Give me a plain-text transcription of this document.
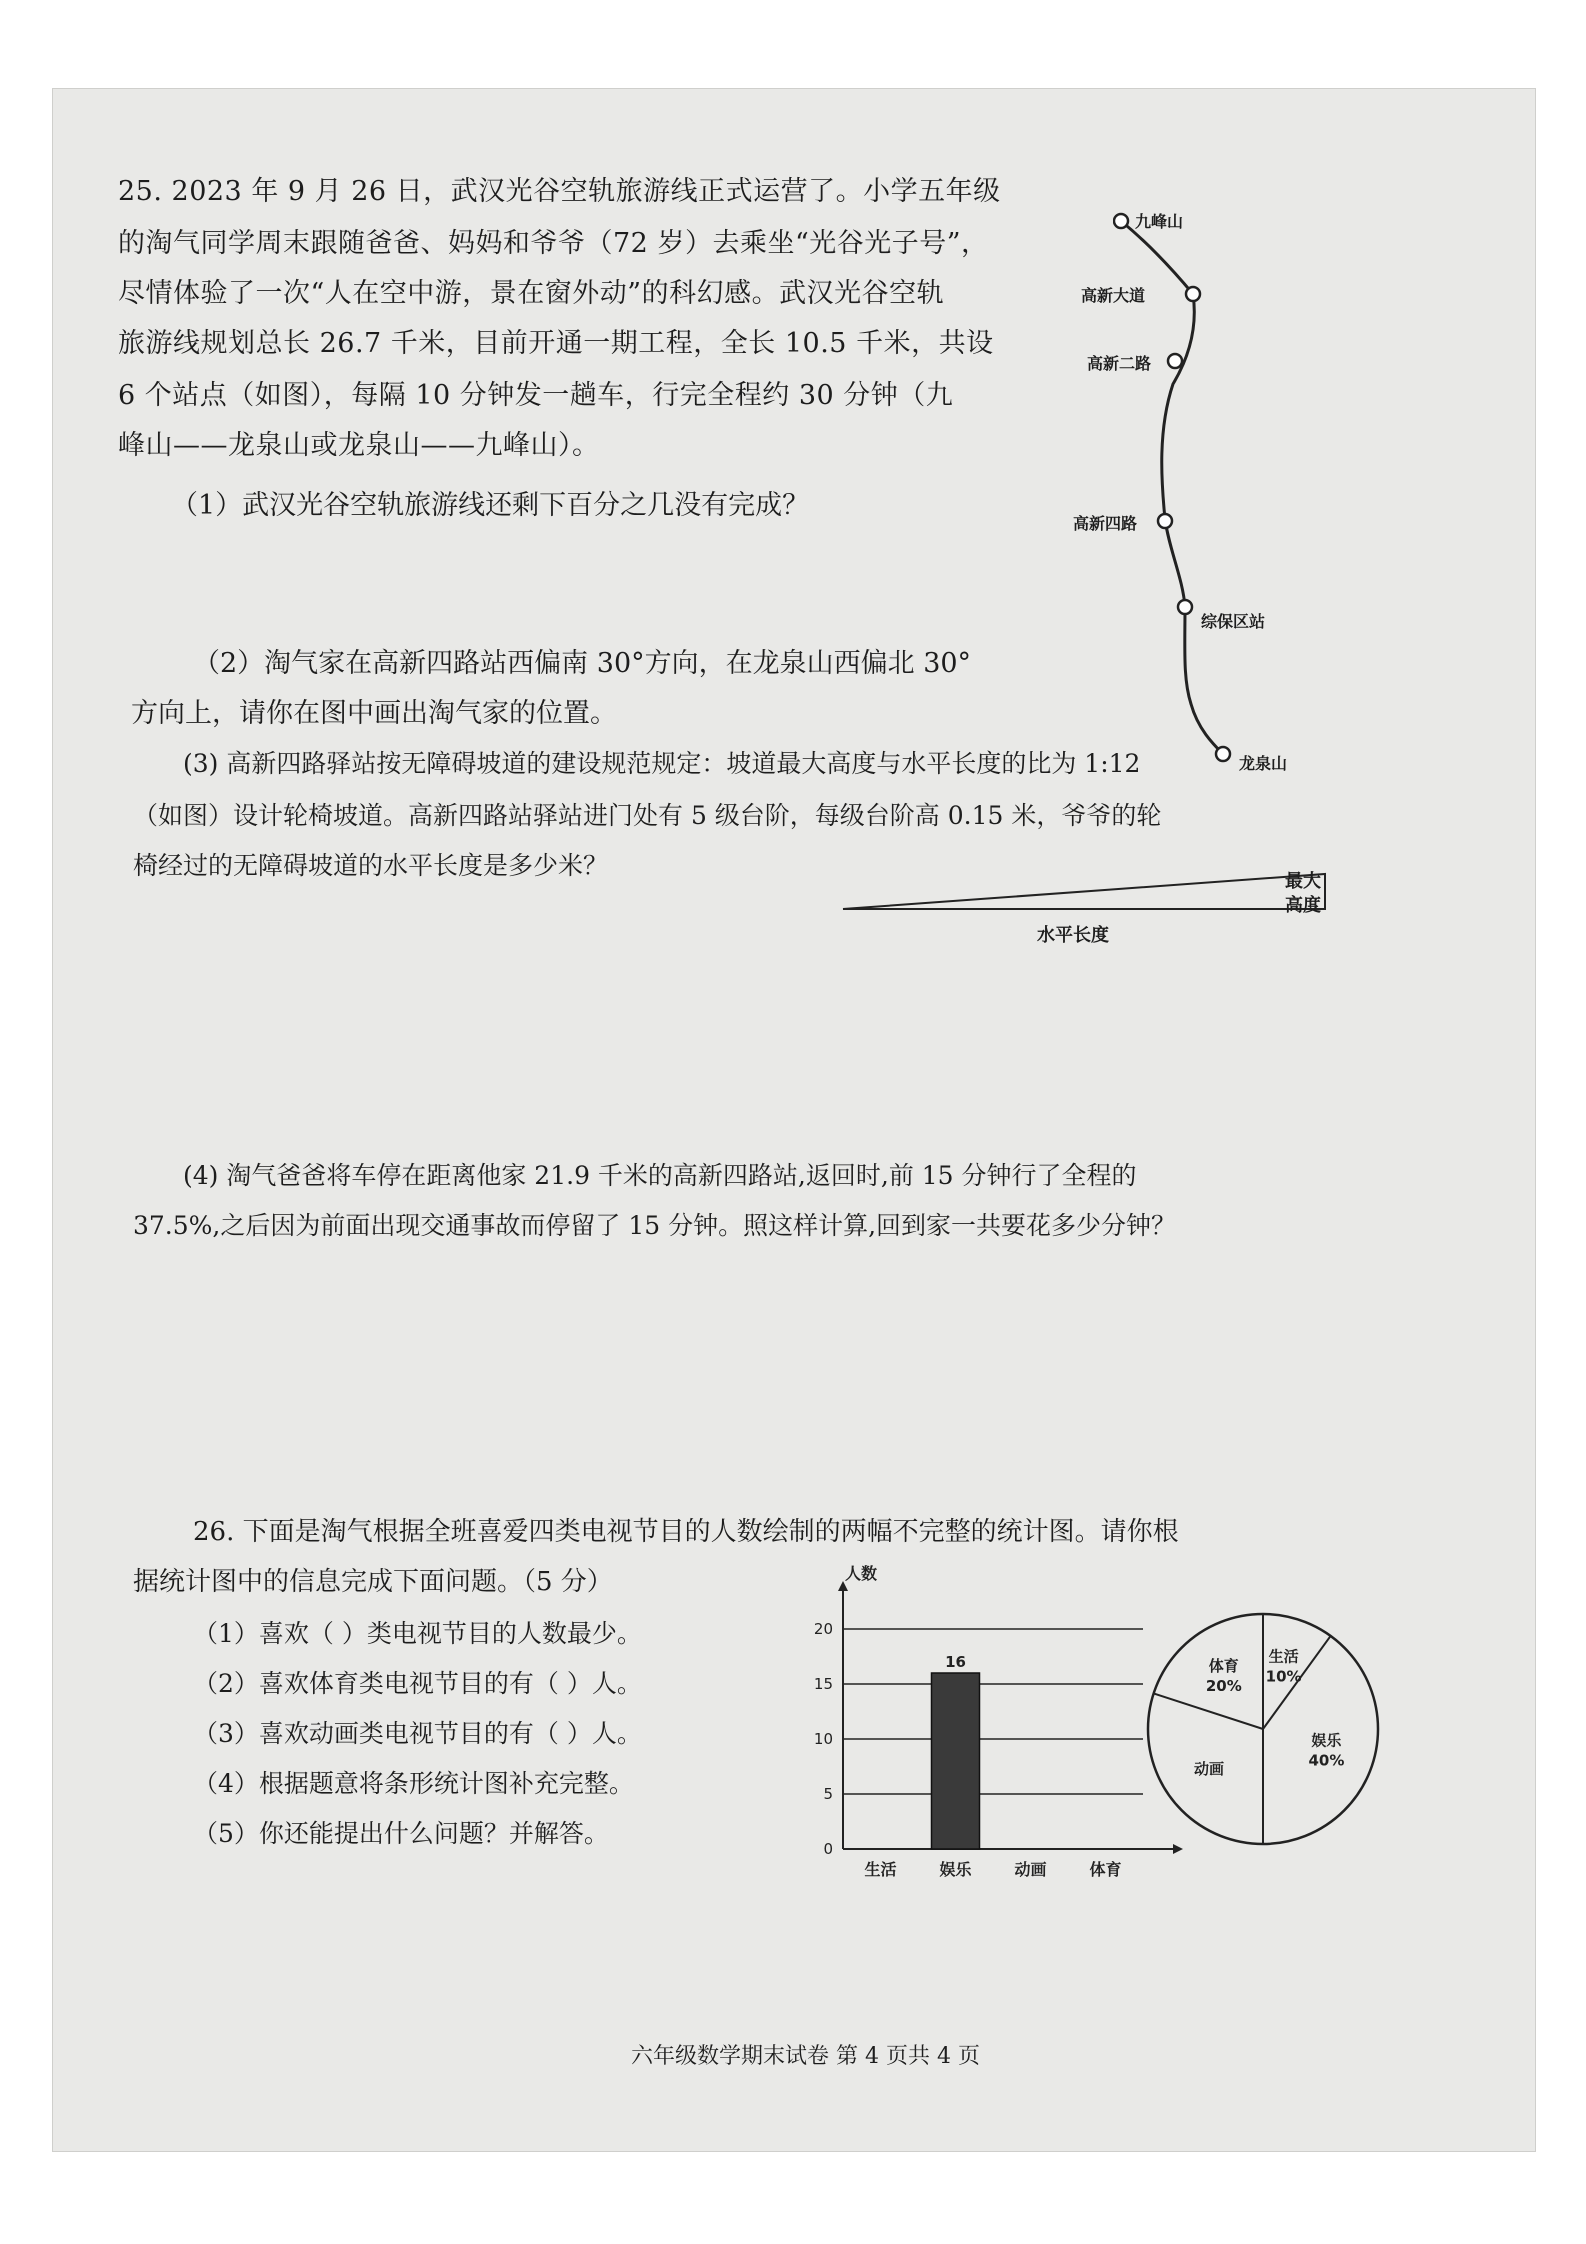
25. 2023 年 9 月 26 日，武汉光谷空轨旅游线正式运营了。小学五年级
的淘气同学周末跟随爸爸、妈妈和爷爷（72 岁）去乘坐“光谷光子号”，
尽情体验了一次“人在空中游，景在窗外动”的科幻感。武汉光谷空轨
旅游线规划总长 26.7 千米，目前开通一期工程，全长 10.5 千米，共设
6 个站点（如图），每隔 10 分钟发一趟车，行完全程约 30 分钟（九
峰山——龙泉山或龙泉山——九峰山）。
（1）武汉光谷空轨旅游线还剩下百分之几没有完成？
九峰山
高新大道
高新二路
高新四路
综保区站
龙泉山
（2）淘气家在高新四路站西偏南 30°方向，在龙泉山西偏北 30°
方向上，请你在图中画出淘气家的位置。
(3) 高新四路驿站按无障碍坡道的建设规范规定：坡道最大高度与水平长度的比为 1:12
（如图）设计轮椅坡道。高新四路站驿站进门处有 5 级台阶，每级台阶高 0.15 米，爷爷的轮
椅经过的无障碍坡道的水平长度是多少米？
最大
高度
水平长度
(4) 淘气爸爸将车停在距离他家 21.9 千米的高新四路站,返回时,前 15 分钟行了全程的
37.5%,之后因为前面出现交通事故而停留了 15 分钟。照这样计算,回到家一共要花多少分钟？
26. 下面是淘气根据全班喜爱四类电视节目的人数绘制的两幅不完整的统计图。请你根
据统计图中的信息完成下面问题。（5 分）
（1）喜欢（ ）类电视节目的人数最少。
（2）喜欢体育类电视节目的有（ ）人。
（3）喜欢动画类电视节目的有（ ）人。
（4）根据题意将条形统计图补充完整。
（5）你还能提出什么问题？并解答。
人数
0
5
10
15
20
生活
16
娱乐	动画	体育
生活
10%
娱乐
40%
动画
体育
20%
六年级数学期末试卷 第 4 页共 4 页
